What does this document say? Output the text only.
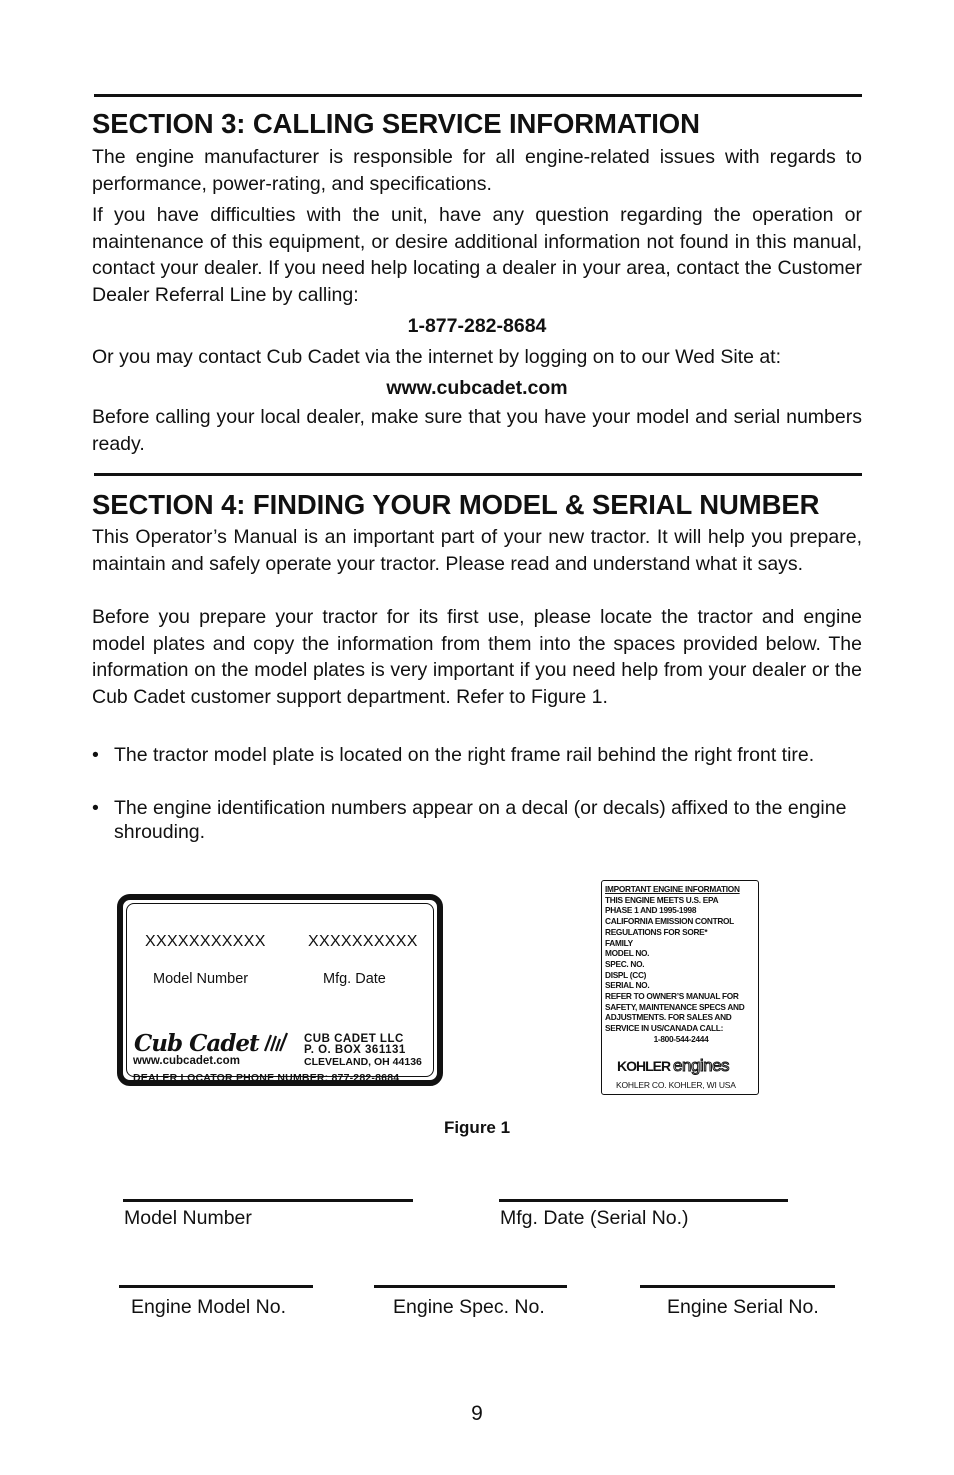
SECTION 3: CALLING SERVICE INFORMATION

The engine manufacturer is responsible for all engine-related issues with regards to performance, power-rating, and specifications.

If you have difficulties with the unit, have any question regarding the operation or maintenance of this equipment, or desire additional information not found in this manual, contact your dealer. If you need help locating a dealer in your area, contact the Customer Dealer Referral Line by calling:

1-877-282-8684

Or you may contact Cub Cadet via the internet by logging on to our Wed Site at:

www.cubcadet.com

Before calling your local dealer, make sure that you have your model and serial numbers ready.

SECTION 4: FINDING YOUR MODEL & SERIAL NUMBER

This Operator’s Manual is an important part of your new tractor. It will help you prepare, maintain and safely operate your tractor. Please read and understand what it says.

Before you prepare your tractor for its first use, please locate the tractor and engine model plates and copy the information from them into the spaces provided below. The information on the model plates is very important if you need help from your dealer or the Cub Cadet customer support department. Refer to Figure 1.

• The tractor model plate is located on the right frame rail behind the right front tire.
• The engine identification numbers appear on a decal (or decals) affixed to the engine shrouding.
XXXXXXXXXXX	XXXXXXXXXX
Model Number	Mfg. Date
Cub Cadet
www.cubcadet.com
CUB CADET LLC
P. O. BOX 361131
CLEVELAND, OH 44136
DEALER LOCATOR PHONE NUMBER: 877-282-8684
IMPORTANT ENGINE INFORMATION
THIS ENGINE MEETS U.S. EPA
PHASE 1 AND 1995-1998
CALIFORNIA EMISSION CONTROL
REGULATIONS FOR SORE*
FAMILY
MODEL NO.
SPEC. NO.
DISPL (CC)
SERIAL NO.
REFER TO OWNER’S MANUAL FOR
SAFETY, MAINTENANCE SPECS AND
ADJUSTMENTS. FOR SALES AND
SERVICE IN US/CANADA CALL:
1-800-544-2444
KOHLER engines
KOHLER CO. KOHLER, WI USA
Figure 1
Model Number	Mfg. Date (Serial No.)
Engine Model No.	Engine Spec. No.	Engine Serial No.
9
